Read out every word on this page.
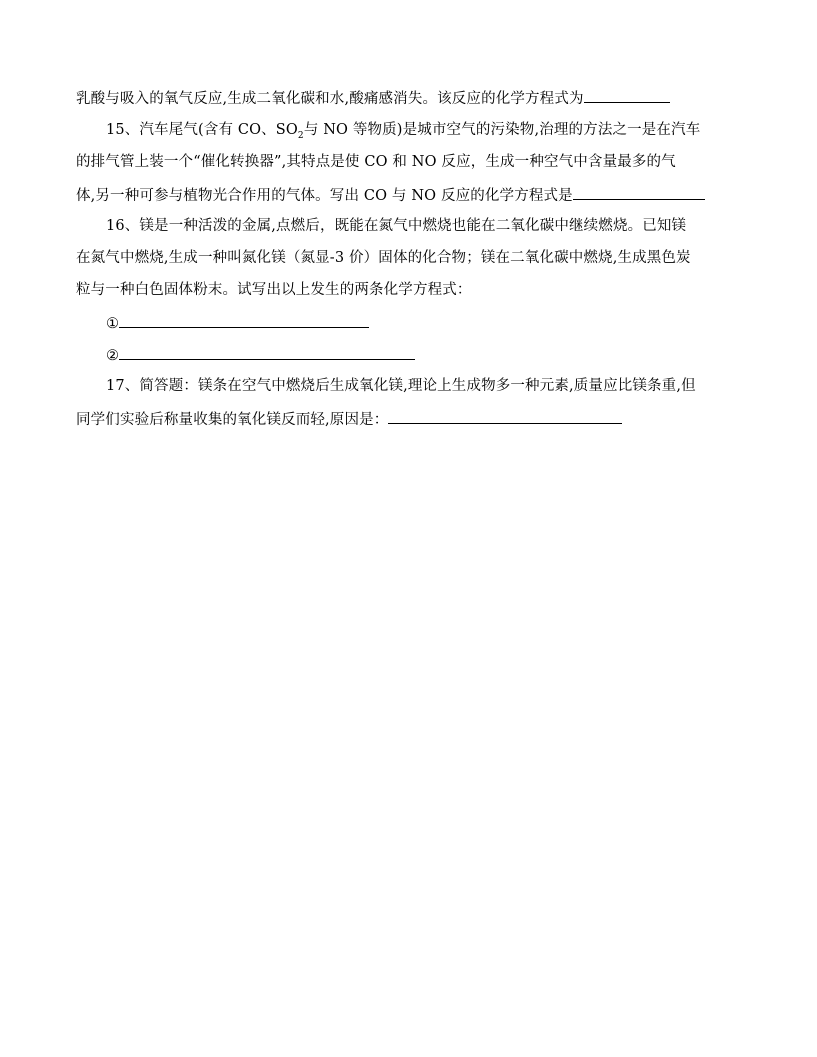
乳酸与吸入的氧气反应,生成二氧化碳和水,酸痛感消失。该反应的化学方程式为
15、汽车尾气(含有 CO、$SO_2$与 NO 等物质)是城市空气的污染物,治理的方法之一是在汽车
的排气管上装一个“催化转换器”,其特点是使 CO 和 NO 反应，生成一种空气中含量最多的气
体,另一种可参与植物光合作用的气体。写出 CO 与 NO 反应的化学方程式是
16、镁是一种活泼的金属,点燃后，既能在氮气中燃烧也能在二氧化碳中继续燃烧。已知镁
在氮气中燃烧,生成一种叫氮化镁（氮显-3 价）固体的化合物；镁在二氧化碳中燃烧,生成黑色炭
粒与一种白色固体粉末。试写出以上发生的两条化学方程式：
①
②
17、简答题：镁条在空气中燃烧后生成氧化镁,理论上生成物多一种元素,质量应比镁条重,但
同学们实验后称量收集的氧化镁反而轻,原因是：
